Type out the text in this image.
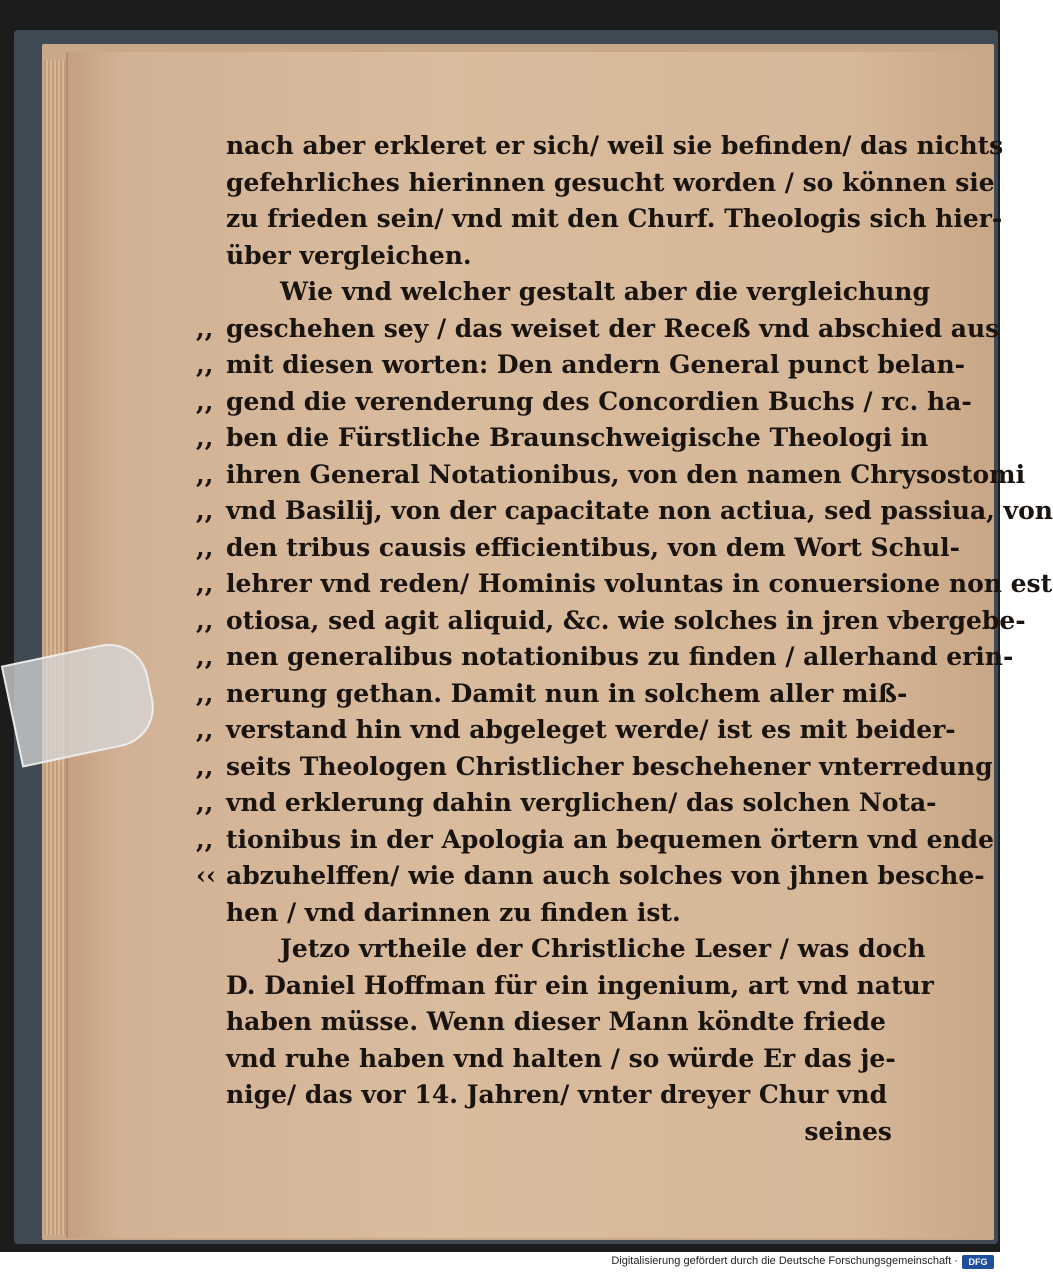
nach aber erkleret er sich/ weil sie befinden/ das nichts
gefehrliches hierinnen gesucht worden / so können sie
zu frieden sein/ vnd mit den Churf. Theologis sich hier-
über vergleichen.
Wie vnd welcher gestalt aber die vergleichung
,, geschehen sey / das weiset der Receß vnd abschied aus
,, mit diesen worten: Den andern General punct belan-
,, gend die verenderung des Concordien Buchs / rc. ha-
,, ben die Fürstliche Braunschweigische Theologi in
,, ihren General Notationibus, von den namen Chrysostomi
,, vnd Basilij, von der capacitate non actiua, sed passiua, von
,, den tribus causis efficientibus, von dem Wort Schul-
,, lehrer vnd reden/ Hominis voluntas in conuersione non est
,, otiosa, sed agit aliquid, &c. wie solches in jren vbergebe-
,, nen generalibus notationibus zu finden / allerhand erin-
,, nerung gethan. Damit nun in solchem aller miß-
,, verstand hin vnd abgeleget werde/ ist es mit beider-
,, seits Theologen Christlicher beschehener vnterredung
,, vnd erklerung dahin verglichen/ das solchen Nota-
,, tionibus in der Apologia an bequemen örtern vnd ende
‹‹ abzuhelffen/ wie dann auch solches von jhnen besche-
hen / vnd darinnen zu finden ist.
Jetzo vrtheile der Christliche Leser / was doch
D. Daniel Hoffman für ein ingenium, art vnd natur
haben müsse. Wenn dieser Mann köndte friede
vnd ruhe haben vnd halten / so würde Er das je-
nige/ das vor 14. Jahren/ vnter dreyer Chur vnd
seines
Digitalisierung gefördert durch die Deutsche Forschungsgemeinschaft ·	DFG
